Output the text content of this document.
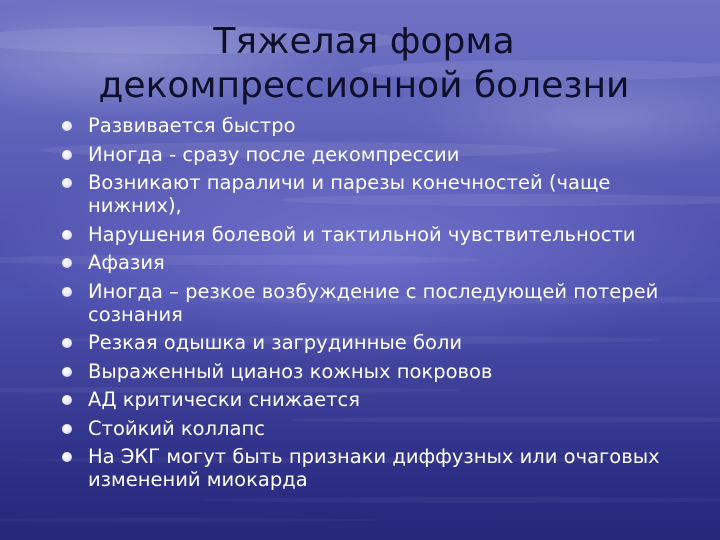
Тяжелая форма
декомпрессионной болезни
Развивается быстро
Иногда - сразу после декомпрессии
Возникают параличи и парезы конечностей (чаще нижних),
Нарушения болевой и тактильной чувствительности
Афазия
Иногда – резкое возбуждение с последующей потерей сознания
Резкая одышка и загрудинные боли
Выраженный цианоз кожных покровов
АД критически снижается
Стойкий коллапс
На ЭКГ могут быть признаки диффузных или очаговых изменений миокарда
